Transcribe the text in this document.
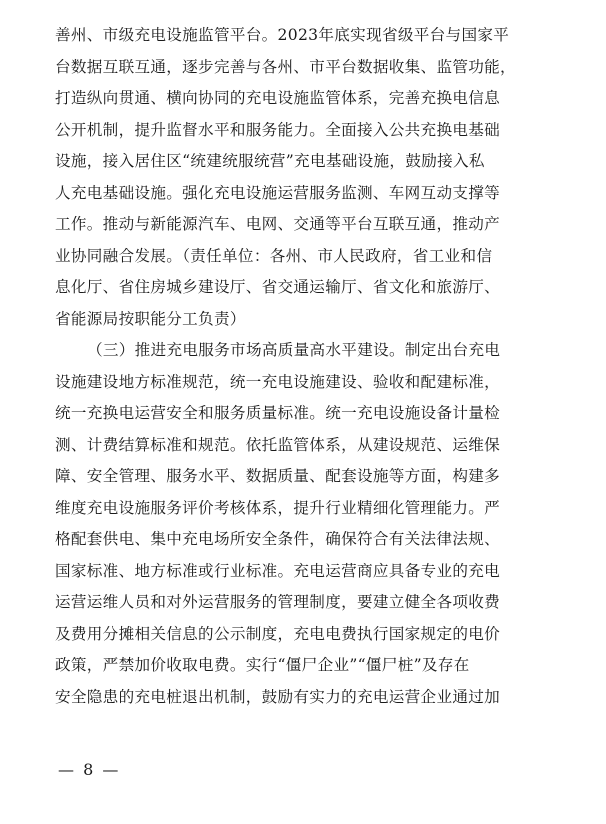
善州、市级充电设施监管平台。2023年底实现省级平台与国家平
台数据互联互通，逐步完善与各州、市平台数据收集、监管功能，
打造纵向贯通、横向协同的充电设施监管体系，完善充换电信息
公开机制，提升监督水平和服务能力。全面接入公共充换电基础
设施，接入居住区“统建统服统营”充电基础设施，鼓励接入私
人充电基础设施。强化充电设施运营服务监测、车网互动支撑等
工作。推动与新能源汽车、电网、交通等平台互联互通，推动产
业协同融合发展。（责任单位：各州、市人民政府，省工业和信
息化厅、省住房城乡建设厅、省交通运输厅、省文化和旅游厅、
省能源局按职能分工负责）
（三）推进充电服务市场高质量高水平建设。制定出台充电
设施建设地方标准规范，统一充电设施建设、验收和配建标准，
统一充换电运营安全和服务质量标准。统一充电设施设备计量检
测、计费结算标准和规范。依托监管体系，从建设规范、运维保
障、安全管理、服务水平、数据质量、配套设施等方面，构建多
维度充电设施服务评价考核体系，提升行业精细化管理能力。严
格配套供电、集中充电场所安全条件，确保符合有关法律法规、
国家标准、地方标准或行业标准。充电运营商应具备专业的充电
运营运维人员和对外运营服务的管理制度，要建立健全各项收费
及费用分摊相关信息的公示制度，充电电费执行国家规定的电价
政策，严禁加价收取电费。实行“僵尸企业”“僵尸桩”及存在
安全隐患的充电桩退出机制，鼓励有实力的充电运营企业通过加
— 8 —
